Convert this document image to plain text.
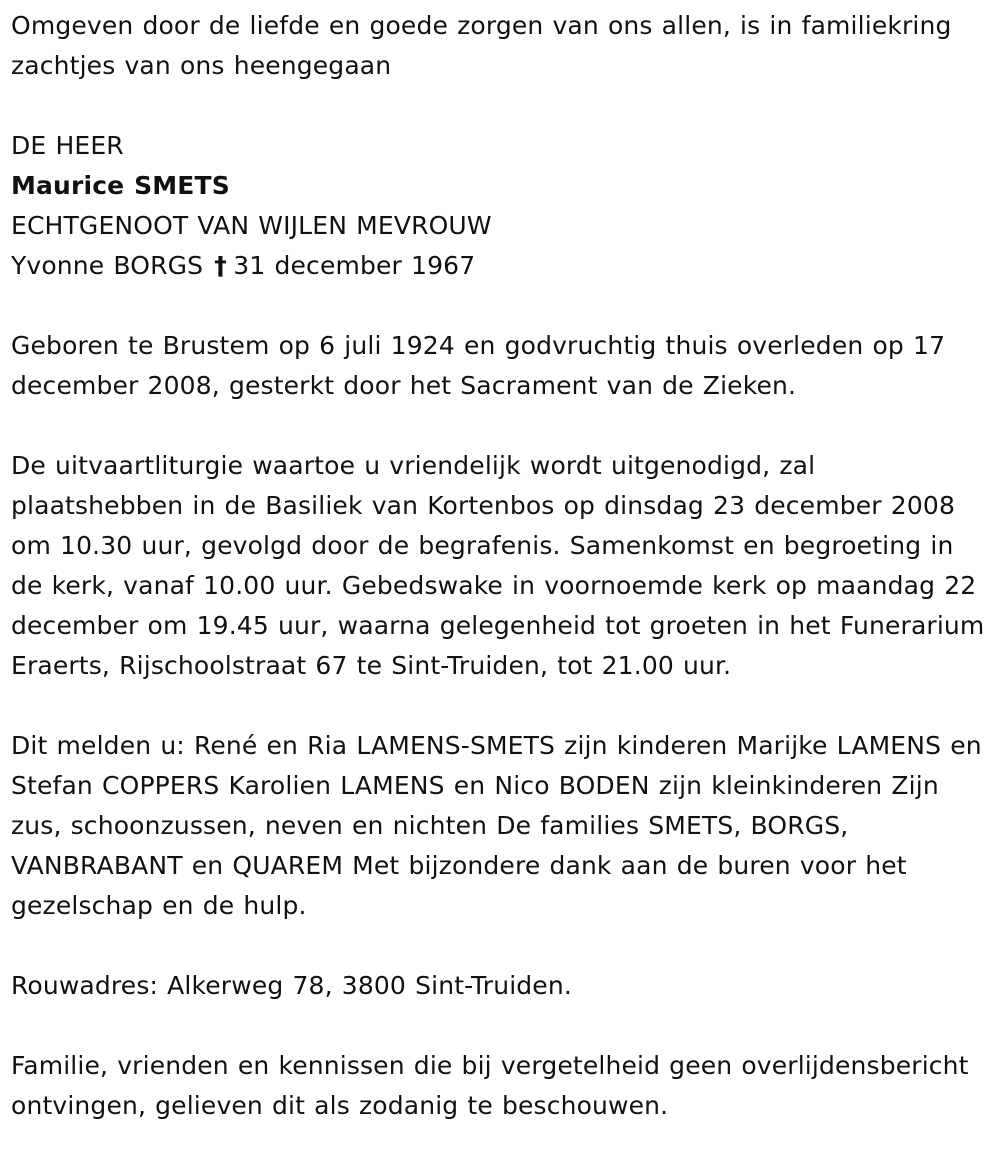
Omgeven door de liefde en goede zorgen van ons allen, is in familiekring zachtjes van ons heengegaan

DE HEER

Maurice SMETS

ECHTGENOOT VAN WIJLEN MEVROUW

Yvonne BORGS † 31 december 1967

Geboren te Brustem op 6 juli 1924 en godvruchtig thuis overleden op 17 december 2008, gesterkt door het Sacrament van de Zieken.

De uitvaartliturgie waartoe u vriendelijk wordt uitgenodigd, zal plaatshebben in de Basiliek van Kortenbos op dinsdag 23 december 2008 om 10.30 uur, gevolgd door de begrafenis. Samenkomst en begroeting in de kerk, vanaf 10.00 uur. Gebedswake in voornoemde kerk op maandag 22 december om 19.45 uur, waarna gelegenheid tot groeten in het Funerarium Eraerts, Rijschoolstraat 67 te Sint-Truiden, tot 21.00 uur.

Dit melden u: René en Ria LAMENS-SMETS zijn kinderen Marijke LAMENS en Stefan COPPERS Karolien LAMENS en Nico BODEN zijn kleinkinderen Zijn zus, schoonzussen, neven en nichten De families SMETS, BORGS, VANBRABANT en QUAREM Met bijzondere dank aan de buren voor het gezelschap en de hulp.

Rouwadres: Alkerweg 78, 3800 Sint-Truiden.

Familie, vrienden en kennissen die bij vergetelheid geen overlijdensbericht ontvingen, gelieven dit als zodanig te beschouwen.
